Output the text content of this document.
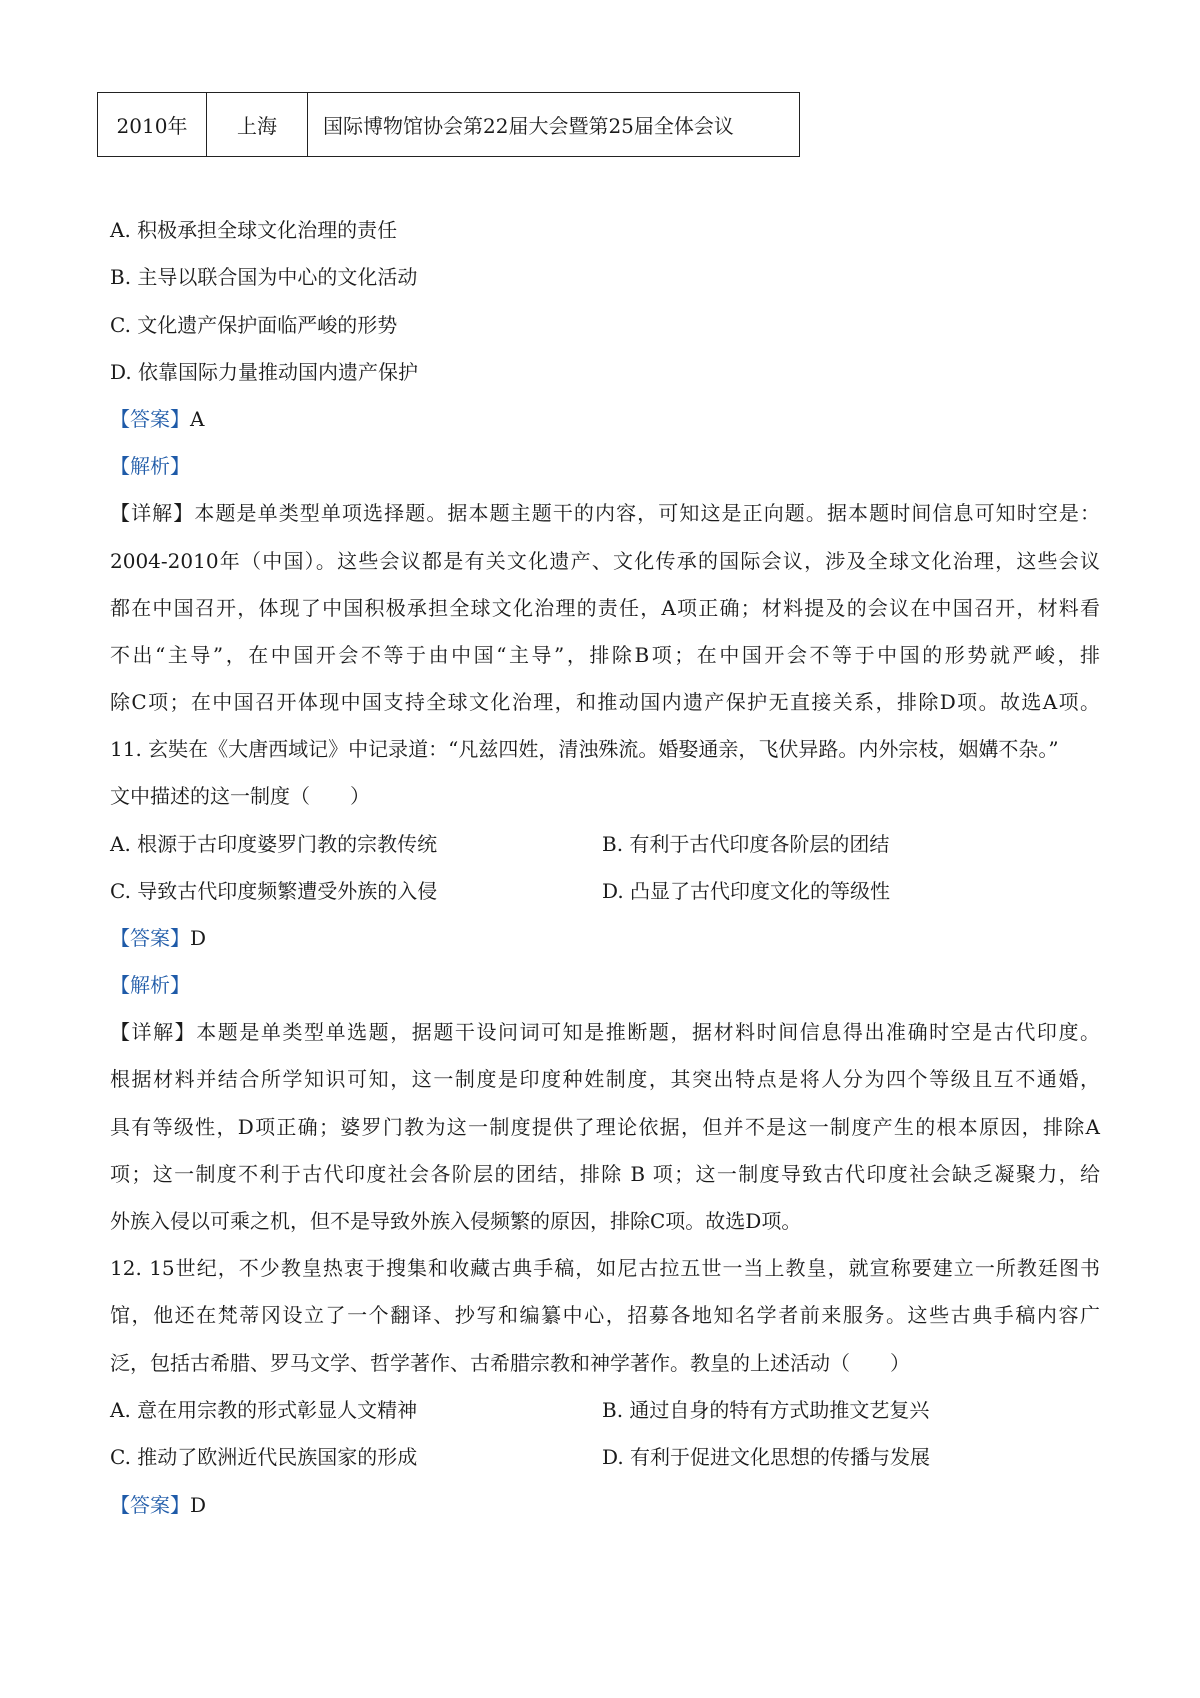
2010年	上海	国际博物馆协会第22届大会暨第25届全体会议
A. 积极承担全球文化治理的责任
B. 主导以联合国为中心的文化活动
C. 文化遗产保护面临严峻的形势
D. 依靠国际力量推动国内遗产保护
【答案】A
【解析】
【详解】本题是单类型单项选择题。据本题主题干的内容，可知这是正向题。据本题时间信息可知时空是：
2004-2010年（中国）。这些会议都是有关文化遗产、文化传承的国际会议，涉及全球文化治理，这些会议
都在中国召开，体现了中国积极承担全球文化治理的责任，A项正确；材料提及的会议在中国召开，材料看
不出“主导”，在中国开会不等于由中国“主导”，排除B项；在中国开会不等于中国的形势就严峻，排
除C项；在中国召开体现中国支持全球文化治理，和推动国内遗产保护无直接关系，排除D项。故选A项。
11. 玄奘在《大唐西域记》中记录道：“凡兹四姓，清浊殊流。婚娶通亲，飞伏异路。内外宗枝，姻媾不杂。”
文中描述的这一制度（　　）
A. 根源于古印度婆罗门教的宗教传统	B. 有利于古代印度各阶层的团结
C. 导致古代印度频繁遭受外族的入侵	D. 凸显了古代印度文化的等级性
【答案】D
【解析】
【详解】本题是单类型单选题，据题干设问词可知是推断题，据材料时间信息得出准确时空是古代印度。
根据材料并结合所学知识可知，这一制度是印度种姓制度，其突出特点是将人分为四个等级且互不通婚，
具有等级性，D项正确；婆罗门教为这一制度提供了理论依据，但并不是这一制度产生的根本原因，排除A
项；这一制度不利于古代印度社会各阶层的团结，排除 B 项；这一制度导致古代印度社会缺乏凝聚力，给
外族入侵以可乘之机，但不是导致外族入侵频繁的原因，排除C项。故选D项。
12. 15世纪，不少教皇热衷于搜集和收藏古典手稿，如尼古拉五世一当上教皇，就宣称要建立一所教廷图书
馆，他还在梵蒂冈设立了一个翻译、抄写和编纂中心，招募各地知名学者前来服务。这些古典手稿内容广
泛，包括古希腊、罗马文学、哲学著作、古希腊宗教和神学著作。教皇的上述活动（　　）
A. 意在用宗教的形式彰显人文精神	B. 通过自身的特有方式助推文艺复兴
C. 推动了欧洲近代民族国家的形成	D. 有利于促进文化思想的传播与发展
【答案】D
